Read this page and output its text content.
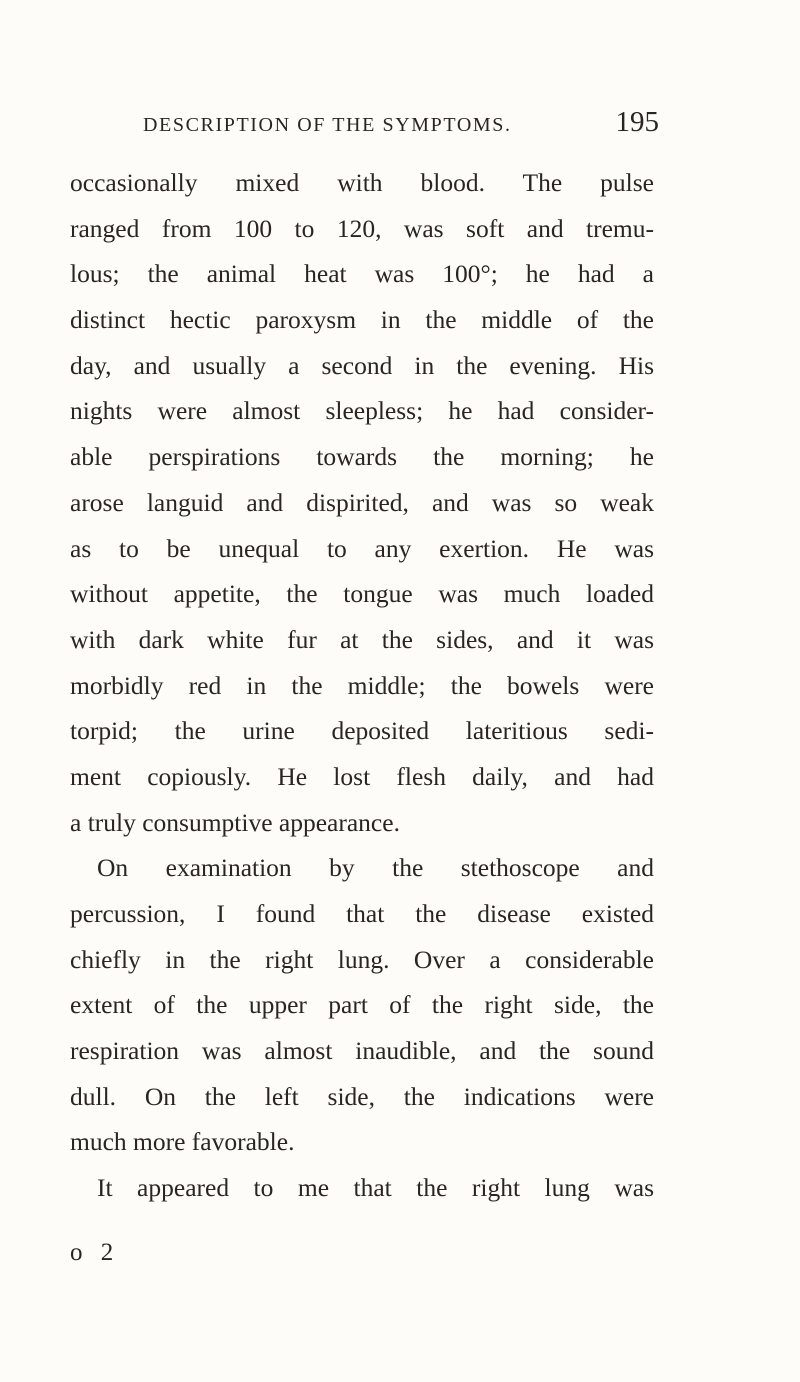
DESCRIPTION OF THE SYMPTOMS.	195
occasionally mixed with blood. The pulse
ranged from 100 to 120, was soft and tremu-
lous; the animal heat was 100°; he had a
distinct hectic paroxysm in the middle of the
day, and usually a second in the evening. His
nights were almost sleepless; he had consider-
able perspirations towards the morning; he
arose languid and dispirited, and was so weak
as to be unequal to any exertion. He was
without appetite, the tongue was much loaded
with dark white fur at the sides, and it was
morbidly red in the middle; the bowels were
torpid; the urine deposited lateritious sedi-
ment copiously. He lost flesh daily, and had
a truly consumptive appearance.
On examination by the stethoscope and
percussion, I found that the disease existed
chiefly in the right lung. Over a considerable
extent of the upper part of the right side, the
respiration was almost inaudible, and the sound
dull. On the left side, the indications were
much more favorable.
It appeared to me that the right lung was
o 2
